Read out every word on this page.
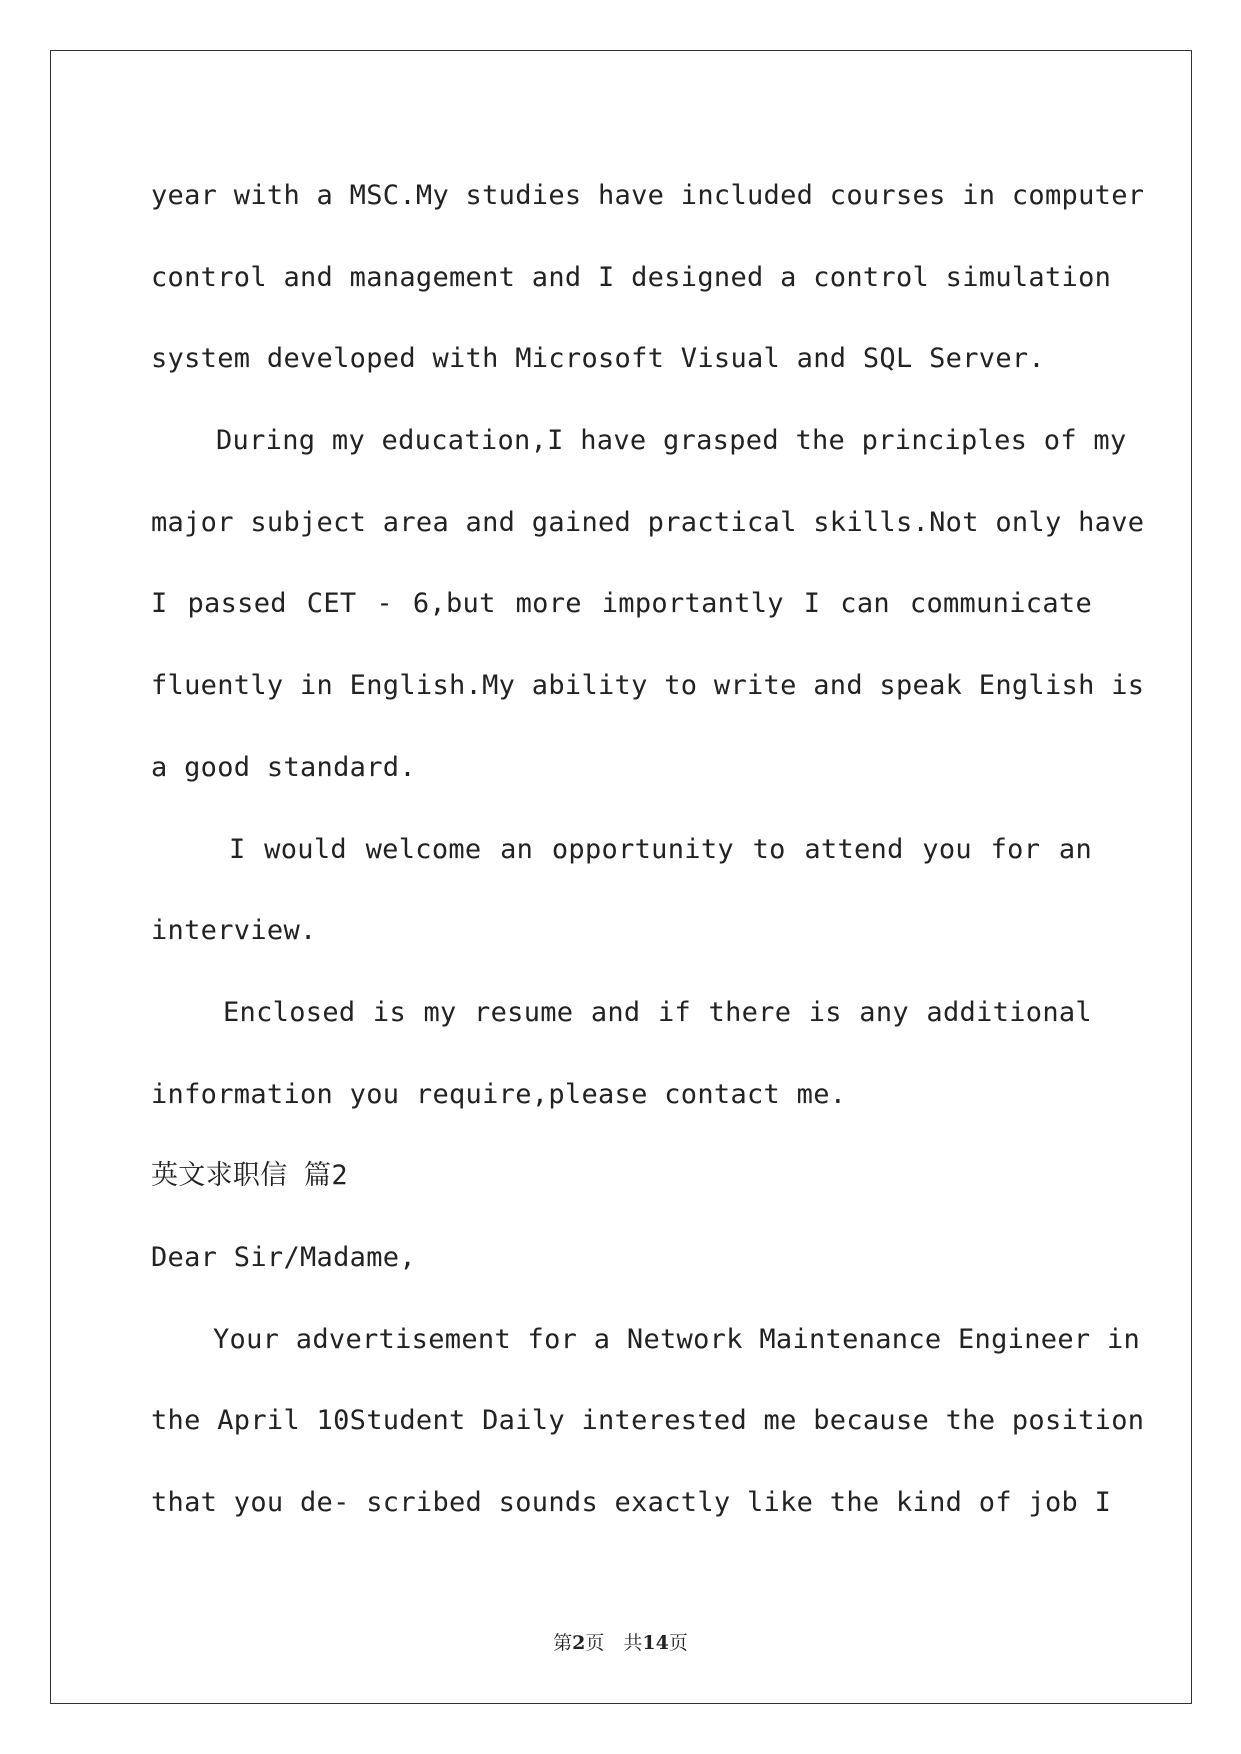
year with a MSC.My studies have included courses in computer
control and management and I designed a control simulation
system developed with Microsoft Visual and SQL Server.
During my education,I have grasped the principles of my
major subject area and gained practical skills.Not only have
I passed CET - 6,but more importantly I can communicate
fluently in English.My ability to write and speak English is
a good standard.
I would welcome an opportunity to attend you for an
interview.
Enclosed is my resume and if there is any additional
information you require,please contact me.
英文求职信 篇2
Dear Sir/Madame,
Your advertisement for a Network Maintenance Engineer in
the April 10Student Daily interested me because the position
that you de- scribed sounds exactly like the kind of job I
第2页　共14页
